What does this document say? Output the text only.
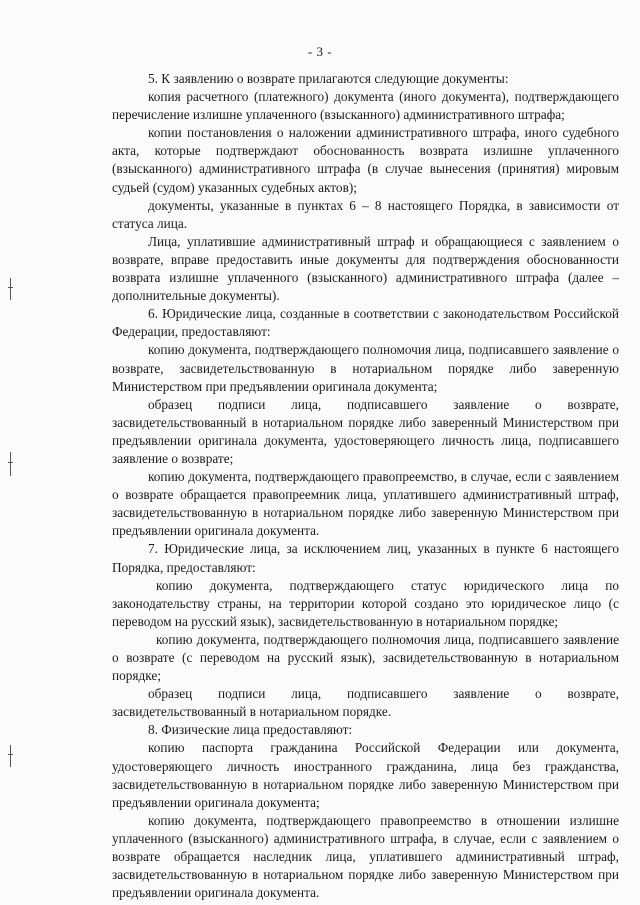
- 3 -

5. К заявлению о возврате прилагаются следующие документы:

копия расчетного (платежного) документа (иного документа), подтверждающего перечисление излишне уплаченного (взысканного) административного штрафа;

копии постановления о наложении административного штрафа, иного судебного акта, которые подтверждают обоснованность возврата излишне уплаченного (взысканного) административного штрафа (в случае вынесения (принятия) мировым судьей (судом) указанных судебных актов);

документы, указанные в пунктах 6 – 8 настоящего Порядка, в зависимости от статуса лица.

Лица, уплатившие административный штраф и обращающиеся с заявлением о возврате, вправе предоставить иные документы для подтверждения обоснованности возврата излишне уплаченного (взысканного) административного штрафа (далее – дополнительные документы).

6. Юридические лица, созданные в соответствии с законодательством Российской Федерации, предоставляют:

копию документа, подтверждающего полномочия лица, подписавшего заявление о возврате, засвидетельствованную в нотариальном порядке либо заверенную Министерством при предъявлении оригинала документа;

образец подписи лица, подписавшего заявление о возврате, засвидетельствованный в нотариальном порядке либо заверенный Министерством при предъявлении оригинала документа, удостоверяющего личность лица, подписавшего заявление о возврате;

копию документа, подтверждающего правопреемство, в случае, если с заявлением о возврате обращается правопреемник лица, уплатившего административный штраф, засвидетельствованную в нотариальном порядке либо заверенную Министерством при предъявлении оригинала документа.

7. Юридические лица, за исключением лиц, указанных в пункте 6 настоящего Порядка, предоставляют:

копию документа, подтверждающего статус юридического лица по законодательству страны, на территории которой создано это юридическое лицо (с переводом на русский язык), засвидетельствованную в нотариальном порядке;

копию документа, подтверждающего полномочия лица, подписавшего заявление о возврате (с переводом на русский язык), засвидетельствованную в нотариальном порядке;

образец подписи лица, подписавшего заявление о возврате, засвидетельствованный в нотариальном порядке.

8. Физические лица предоставляют:

копию паспорта гражданина Российской Федерации или документа, удостоверяющего личность иностранного гражданина, лица без гражданства, засвидетельствованную в нотариальном порядке либо заверенную Министерством при предъявлении оригинала документа;

копию документа, подтверждающего правопреемство в отношении излишне уплаченного (взысканного) административного штрафа, в случае, если с заявлением о возврате обращается наследник лица, уплатившего административный штраф, засвидетельствованную в нотариальном порядке либо заверенную Министерством при предъявлении оригинала документа.
